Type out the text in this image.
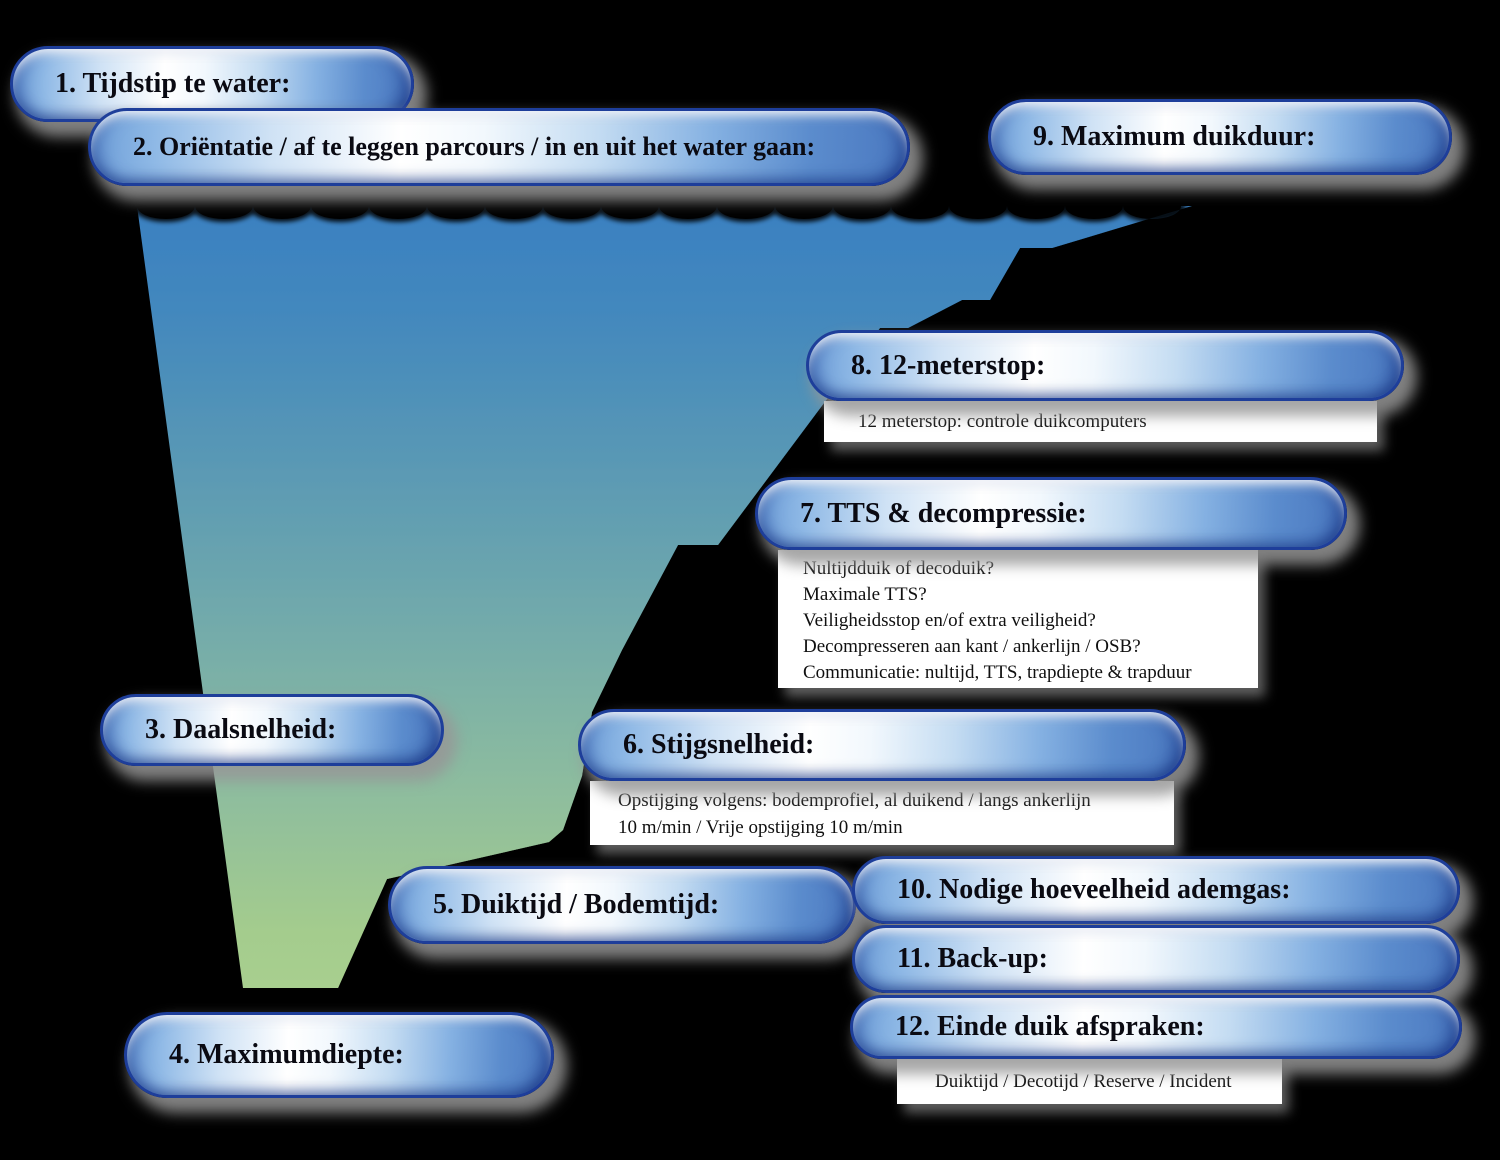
12 meterstop: controle duikcomputers
Nultijdduik of decoduik?
Maximale TTS?
Veiligheidsstop en/of extra veiligheid?
Decompresseren aan kant / ankerlijn / OSB?
Communicatie: nultijd, TTS, trapdiepte & trapduur
Opstijging volgens: bodemprofiel, al duikend / langs ankerlijn
10 m/min / Vrije opstijging 10 m/min
Duiktijd / Decotijd / Reserve / Incident
1. Tijdstip te water:
2. Oriëntatie / af te leggen parcours / in en uit het water gaan:
3. Daalsnelheid:
4. Maximumdiepte:
5. Duiktijd / Bodemtijd:
6. Stijgsnelheid:
7. TTS & decompressie:
8. 12-meterstop:
9. Maximum duikduur:
10. Nodige hoeveelheid ademgas:
11. Back-up:
12. Einde duik afspraken:
